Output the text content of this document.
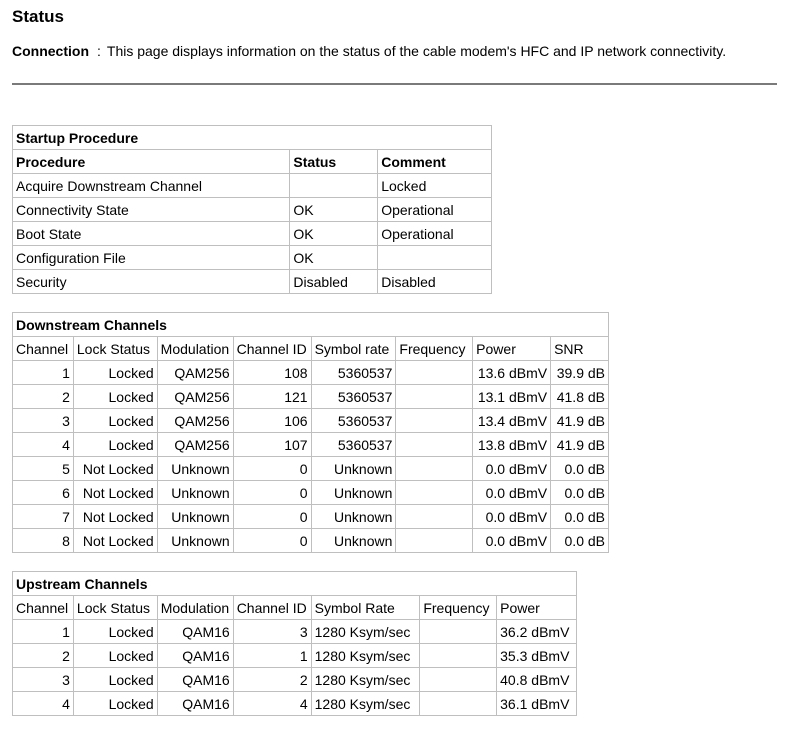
Status
Connection : This page displays information on the status of the cable modem's HFC and IP network connectivity.
Startup Procedure		
Procedure	Status	Comment
Acquire Downstream Channel		Locked
Connectivity State	OK	Operational
Boot State	OK	Operational
Configuration File	OK	
Security	Disabled	Disabled
Downstream Channels							
Channel	Lock Status	Modulation	Channel ID	Symbol rate	Frequency	Power	SNR
1	Locked	QAM256	108	5360537		13.6 dBmV	39.9 dB
2	Locked	QAM256	121	5360537		13.1 dBmV	41.8 dB
3	Locked	QAM256	106	5360537		13.4 dBmV	41.9 dB
4	Locked	QAM256	107	5360537		13.8 dBmV	41.9 dB
5	Not Locked	Unknown	0	Unknown		0.0 dBmV	0.0 dB
6	Not Locked	Unknown	0	Unknown		0.0 dBmV	0.0 dB
7	Not Locked	Unknown	0	Unknown		0.0 dBmV	0.0 dB
8	Not Locked	Unknown	0	Unknown		0.0 dBmV	0.0 dB
Upstream Channels						
Channel	Lock Status	Modulation	Channel ID	Symbol Rate	Frequency	Power
1	Locked	QAM16	3	1280 Ksym/sec		36.2 dBmV
2	Locked	QAM16	1	1280 Ksym/sec		35.3 dBmV
3	Locked	QAM16	2	1280 Ksym/sec		40.8 dBmV
4	Locked	QAM16	4	1280 Ksym/sec		36.1 dBmV
